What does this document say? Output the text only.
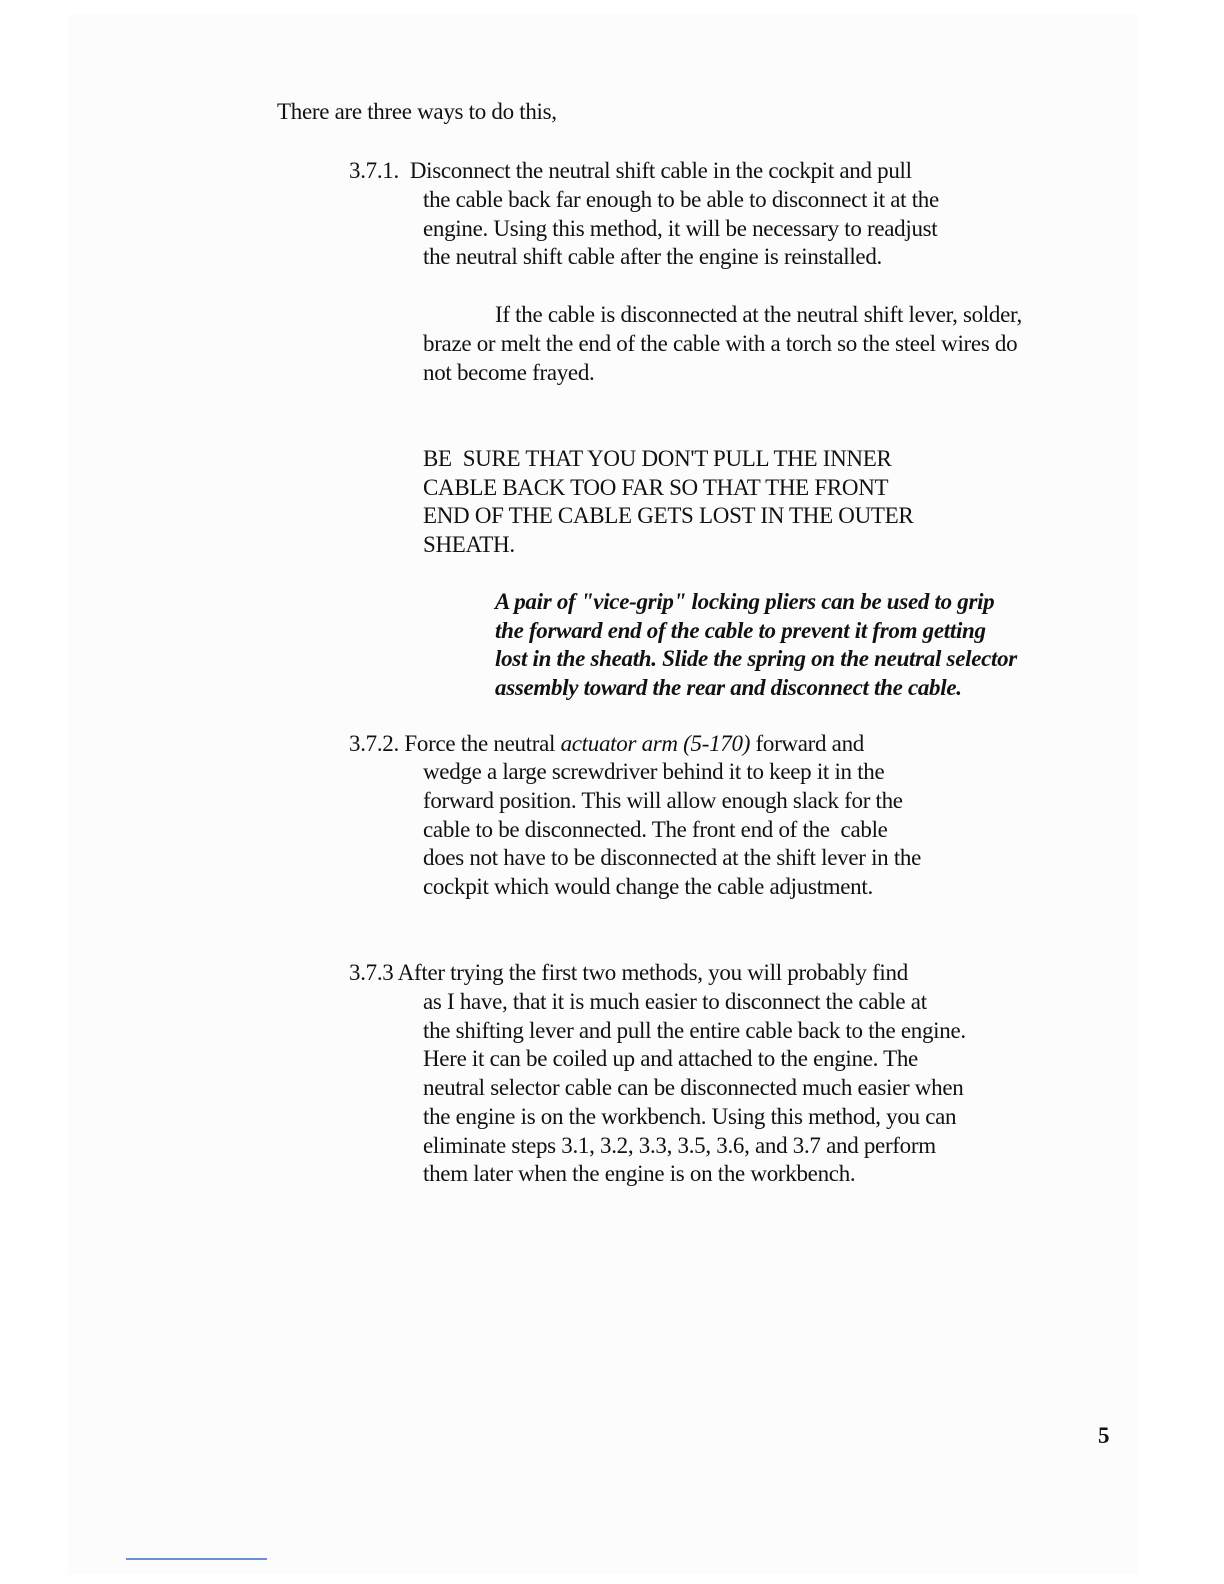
There are three ways to do this,
3.7.1.  Disconnect the neutral shift cable in the cockpit and pull
the cable back far enough to be able to disconnect it at the
engine. Using this method, it will be necessary to readjust
the neutral shift cable after the engine is reinstalled.
If the cable is disconnected at the neutral shift lever, solder,
braze or melt the end of the cable with a torch so the steel wires do
not become frayed.
BE  SURE THAT YOU DON'T PULL THE INNER
CABLE BACK TOO FAR SO THAT THE FRONT
END OF THE CABLE GETS LOST IN THE OUTER
SHEATH.
A pair of "vice-grip" locking pliers can be used to grip
the forward end of the cable to prevent it from getting
lost in the sheath. Slide the spring on the neutral selector
assembly toward the rear and disconnect the cable.
3.7.2. Force the neutral actuator arm (5-170) forward and
wedge a large screwdriver behind it to keep it in the
forward position. This will allow enough slack for the
cable to be disconnected. The front end of the  cable
does not have to be disconnected at the shift lever in the
cockpit which would change the cable adjustment.
3.7.3 After trying the first two methods, you will probably find
as I have, that it is much easier to disconnect the cable at
the shifting lever and pull the entire cable back to the engine.
Here it can be coiled up and attached to the engine. The
neutral selector cable can be disconnected much easier when
the engine is on the workbench. Using this method, you can
eliminate steps 3.1, 3.2, 3.3, 3.5, 3.6, and 3.7 and perform
them later when the engine is on the workbench.
5
